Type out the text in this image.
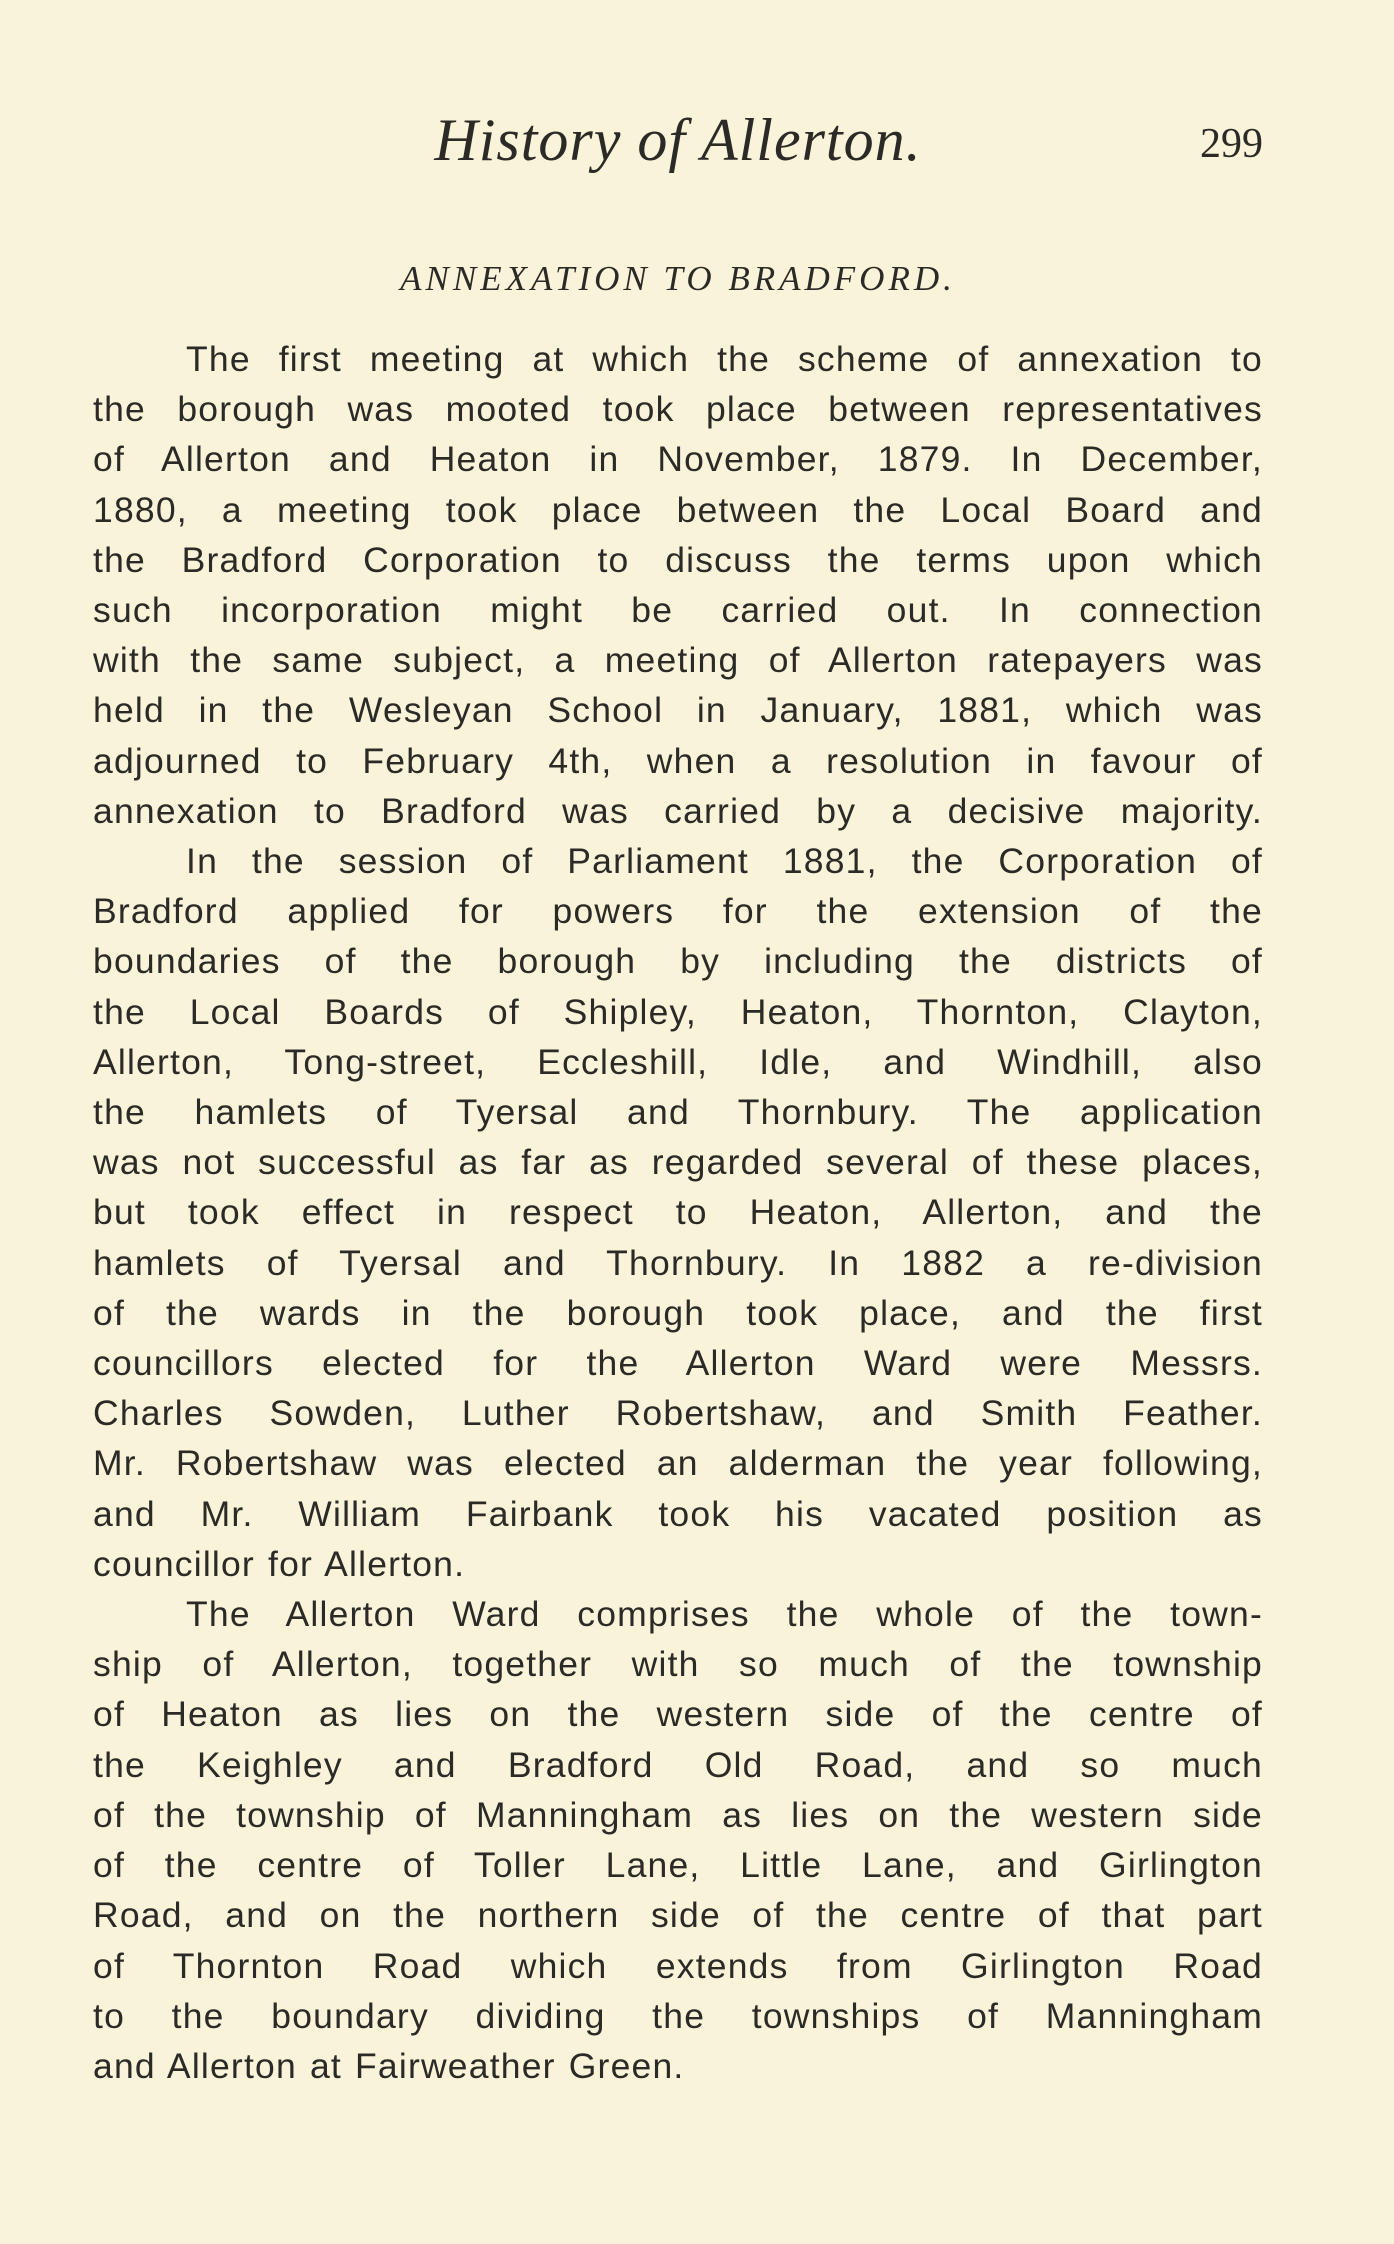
History of Allerton.	299
ANNEXATION TO BRADFORD.

The first meeting at which the scheme of annexation to
the borough was mooted took place between representatives
of Allerton and Heaton in November, 1879. In December,
1880, a meeting took place between the Local Board and
the Bradford Corporation to discuss the terms upon which
such incorporation might be carried out. In connection
with the same subject, a meeting of Allerton ratepayers was
held in the Wesleyan School in January, 1881, which was
adjourned to February 4th, when a resolution in favour of
annexation to Bradford was carried by a decisive majority.

In the session of Parliament 1881, the Corporation of
Bradford applied for powers for the extension of the
boundaries of the borough by including the districts of
the Local Boards of Shipley, Heaton, Thornton, Clayton,
Allerton, Tong-street, Eccleshill, Idle, and Windhill, also
the hamlets of Tyersal and Thornbury. The application
was not successful as far as regarded several of these places,
but took effect in respect to Heaton, Allerton, and the
hamlets of Tyersal and Thornbury. In 1882 a re-division
of the wards in the borough took place, and the first
councillors elected for the Allerton Ward were Messrs.
Charles Sowden, Luther Robertshaw, and Smith Feather.
Mr. Robertshaw was elected an alderman the year following,
and Mr. William Fairbank took his vacated position as
councillor for Allerton.

The Allerton Ward comprises the whole of the town-
ship of Allerton, together with so much of the township
of Heaton as lies on the western side of the centre of
the Keighley and Bradford Old Road, and so much
of the township of Manningham as lies on the western side
of the centre of Toller Lane, Little Lane, and Girlington
Road, and on the northern side of the centre of that part
of Thornton Road which extends from Girlington Road
to the boundary dividing the townships of Manningham
and Allerton at Fairweather Green.
